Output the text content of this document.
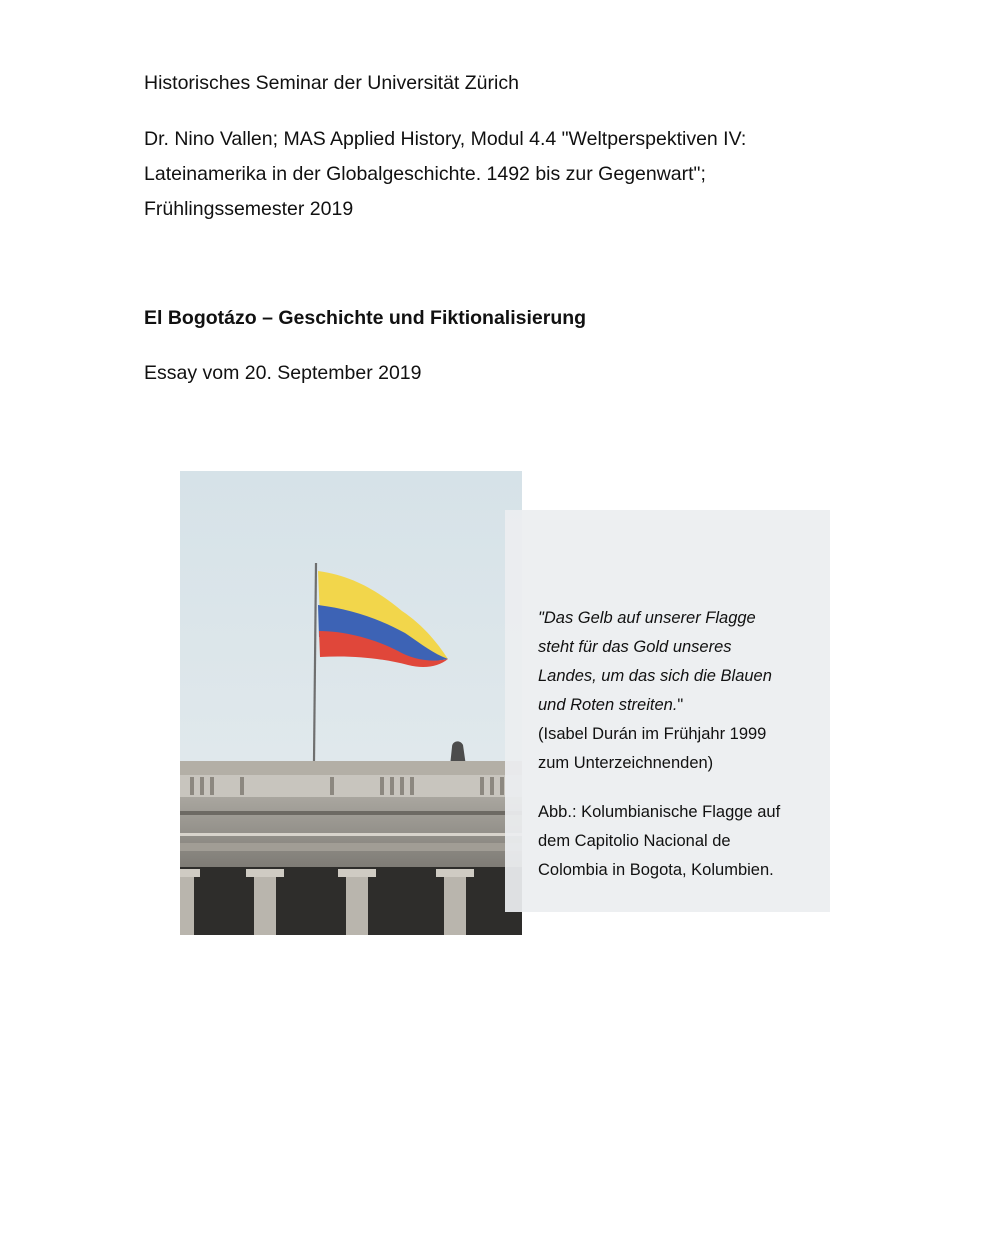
Historisches Seminar der Universität Zürich
Dr. Nino Vallen; MAS Applied History, Modul 4.4 "Weltperspektiven IV:
Lateinamerika in der Globalgeschichte. 1492 bis zur Gegenwart";
Frühlingssemester 2019
El Bogotázo – Geschichte und Fiktionalisierung
Essay vom 20. September 2019
"Das Gelb auf unserer Flagge
steht für das Gold unseres
Landes, um das sich die Blauen
und Roten streiten."
(Isabel Durán im Frühjahr 1999
zum Unterzeichnenden)
Abb.: Kolumbianische Flagge auf
dem Capitolio Nacional de
Colombia in Bogota, Kolumbien.
